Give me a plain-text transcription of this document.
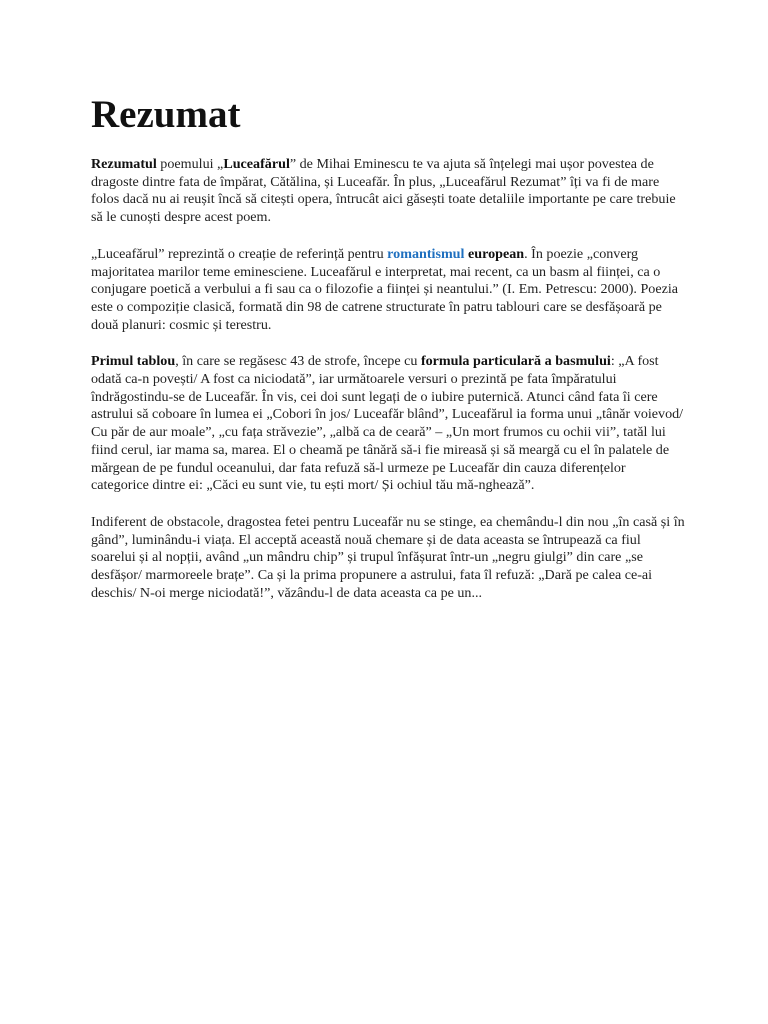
Rezumat

Rezumatul poemului „Luceafărul” de Mihai Eminescu te va ajuta să înțelegi mai ușor povestea de dragoste dintre fata de împărat, Cătălina, și Luceafăr. În plus, „Luceafărul Rezumat” îți va fi de mare folos dacă nu ai reușit încă să citești opera, întrucât aici găsești toate detaliile importante pe care trebuie să le cunoști despre acest poem.

„Luceafărul” reprezintă o creație de referință pentru romantismul european. În poezie „converg majoritatea marilor teme eminesciene. Luceafărul e interpretat, mai recent, ca un basm al ființei, ca o conjugare poetică a verbului a fi sau ca o filozofie a ființei și neantului.” (I. Em. Petrescu: 2000). Poezia este o compoziție clasică, formată din 98 de catrene structurate în patru tablouri care se desfășoară pe două planuri: cosmic și terestru.

Primul tablou, în care se regăsesc 43 de strofe, începe cu formula particulară a basmului: „A fost odată ca-n povești/ A fost ca niciodată”, iar următoarele versuri o prezintă pe fata împăratului îndrăgostindu-se de Luceafăr. În vis, cei doi sunt legați de o iubire puternică. Atunci când fata îi cere astrului să coboare în lumea ei „Cobori în jos/ Luceafăr blând”, Luceafărul ia forma unui „tânăr voievod/ Cu păr de aur moale”, „cu fața străvezie”, „albă ca de ceară” – „Un mort frumos cu ochii vii”, tatăl lui fiind cerul, iar mama sa, marea. El o cheamă pe tânără să-i fie mireasă și să meargă cu el în palatele de mărgean de pe fundul oceanului, dar fata refuză să-l urmeze pe Luceafăr din cauza diferențelor categorice dintre ei: „Căci eu sunt vie, tu ești mort/ Și ochiul tău mă-nghează”.

Indiferent de obstacole, dragostea fetei pentru Luceafăr nu se stinge, ea chemându-l din nou „în casă și în gând”, luminându-i viața. El acceptă această nouă chemare și de data aceasta se întrupează ca fiul soarelui și al nopții, având „un mândru chip” și trupul înfășurat într-un „negru giulgi” din care „se desfășor/ marmoreele brațe”. Ca și la prima propunere a astrului, fata îl refuză: „Dară pe calea ce-ai deschis/ N-oi merge niciodată!”, văzându-l de data aceasta ca pe un...
